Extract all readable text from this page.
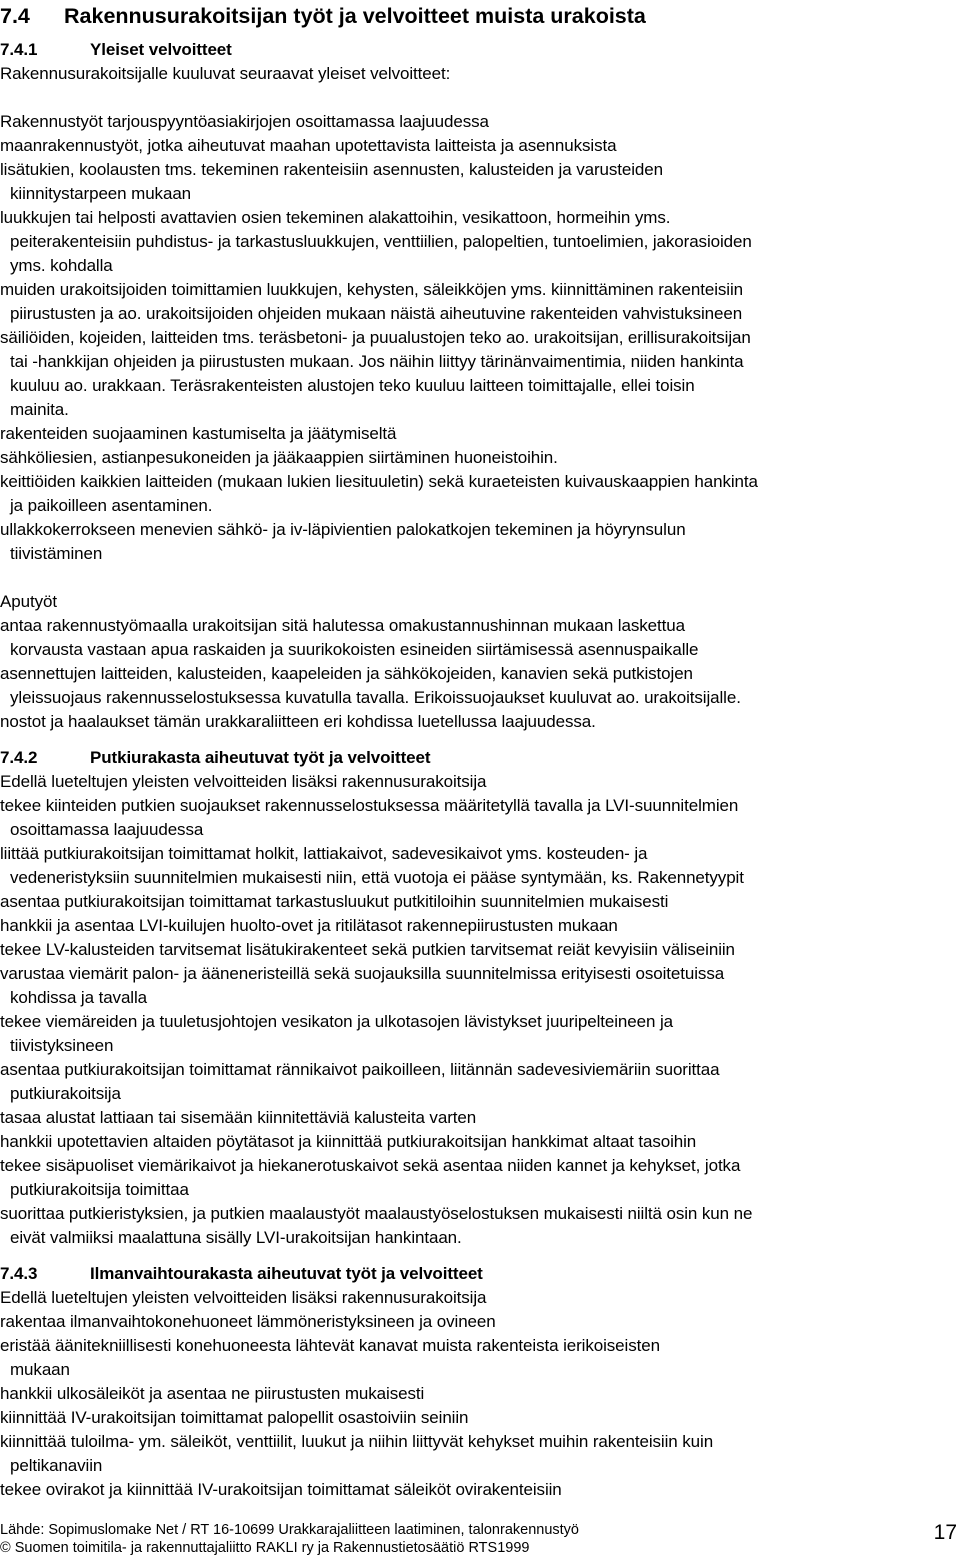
7.4 Rakennusurakoitsijan työt ja velvoitteet muista urakoista
7.4.1	Yleiset velvoitteet
Rakennusurakoitsijalle kuuluvat seuraavat yleiset velvoitteet:
Rakennustyöt tarjouspyyntöasiakirjojen osoittamassa laajuudessa
maanrakennustyöt, jotka aiheutuvat maahan upotettavista laitteista ja asennuksista
lisätukien, koolausten tms. tekeminen rakenteisiin asennusten, kalusteiden ja varusteiden
kiinnitystarpeen mukaan
luukkujen tai helposti avattavien osien tekeminen alakattoihin, vesikattoon, hormeihin yms.
peiterakenteisiin puhdistus- ja tarkastusluukkujen, venttiilien, palopeltien, tuntoelimien, jakorasioiden
yms. kohdalla
muiden urakoitsijoiden toimittamien luukkujen, kehysten, säleikköjen yms. kiinnittäminen rakenteisiin
piirustusten ja ao. urakoitsijoiden ohjeiden mukaan näistä aiheutuvine rakenteiden vahvistuksineen
säiliöiden, kojeiden, laitteiden tms. teräsbetoni- ja puualustojen teko ao. urakoitsijan, erillisurakoitsijan
tai -hankkijan ohjeiden ja piirustusten mukaan. Jos näihin liittyy tärinänvaimentimia, niiden hankinta
kuuluu ao. urakkaan. Teräsrakenteisten alustojen teko kuuluu laitteen toimittajalle, ellei toisin
mainita.
rakenteiden suojaaminen kastumiselta ja jäätymiseltä
sähköliesien, astianpesukoneiden ja jääkaappien siirtäminen huoneistoihin.
keittiöiden kaikkien laitteiden (mukaan lukien liesituuletin) sekä kuraeteisten kuivauskaappien hankinta
ja paikoilleen asentaminen.
ullakkokerrokseen menevien sähkö- ja iv-läpivientien palokatkojen tekeminen ja höyrynsulun
tiivistäminen
Aputyöt
antaa rakennustyömaalla urakoitsijan sitä halutessa omakustannushinnan mukaan laskettua
korvausta vastaan apua raskaiden ja suurikokoisten esineiden siirtämisessä asennuspaikalle
asennettujen laitteiden, kalusteiden, kaapeleiden ja sähkökojeiden, kanavien sekä putkistojen
yleissuojaus rakennusselostuksessa kuvatulla tavalla. Erikoissuojaukset kuuluvat ao. urakoitsijalle.
nostot ja haalaukset tämän urakkaraliitteen eri kohdissa luetellussa laajuudessa.
7.4.2	Putkiurakasta aiheutuvat työt ja velvoitteet
Edellä lueteltujen yleisten velvoitteiden lisäksi rakennusurakoitsija
tekee kiinteiden putkien suojaukset rakennusselostuksessa määritetyllä tavalla ja LVI-suunnitelmien
osoittamassa laajuudessa
liittää putkiurakoitsijan toimittamat holkit, lattiakaivot, sadevesikaivot yms. kosteuden- ja
vedeneristyksiin suunnitelmien mukaisesti niin, että vuotoja ei pääse syntymään, ks. Rakennetyypit
asentaa putkiurakoitsijan toimittamat tarkastusluukut putkitiloihin suunnitelmien mukaisesti
hankkii ja asentaa LVI-kuilujen huolto-ovet ja ritilätasot rakennepiirustusten mukaan
tekee LV-kalusteiden tarvitsemat lisätukirakenteet sekä putkien tarvitsemat reiät kevyisiin väliseiniin
varustaa viemärit palon- ja ääneneristeillä sekä suojauksilla suunnitelmissa erityisesti osoitetuissa
kohdissa ja tavalla
tekee viemäreiden ja tuuletusjohtojen vesikaton ja ulkotasojen lävistykset juuripelteineen ja
tiivistyksineen
asentaa putkiurakoitsijan toimittamat rännikaivot paikoilleen, liitännän sadevesiviemäriin suorittaa
putkiurakoitsija
tasaa alustat lattiaan tai sisemään kiinnitettäviä kalusteita varten
hankkii upotettavien altaiden pöytätasot ja kiinnittää putkiurakoitsijan hankkimat altaat tasoihin
tekee sisäpuoliset viemärikaivot ja hiekanerotuskaivot sekä asentaa niiden kannet ja kehykset, jotka
putkiurakoitsija toimittaa
suorittaa putkieristyksien, ja putkien maalaustyöt maalaustyöselostuksen mukaisesti niiltä osin kun ne
eivät valmiiksi maalattuna sisälly LVI-urakoitsijan hankintaan.
7.4.3	Ilmanvaihtourakasta aiheutuvat työt ja velvoitteet
Edellä lueteltujen yleisten velvoitteiden lisäksi rakennusurakoitsija
rakentaa ilmanvaihtokonehuoneet lämmöneristyksineen ja ovineen
eristää äänitekniillisesti konehuoneesta lähtevät kanavat muista rakenteista ierikoiseisten
mukaan
hankkii ulkosäleiköt ja asentaa ne piirustusten mukaisesti
kiinnittää IV-urakoitsijan toimittamat palopellit osastoiviin seiniin
kiinnittää tuloilma- ym. säleiköt, venttiilit, luukut ja niihin liittyvät kehykset muihin rakenteisiin kuin
peltikanaviin
tekee ovirakot ja kiinnittää IV-urakoitsijan toimittamat säleiköt ovirakenteisiin
Lähde: Sopimuslomake Net / RT 16-10699 Urakkarajaliitteen laatiminen, talonrakennustyö
© Suomen toimitila- ja rakennuttajaliitto RAKLI ry ja Rakennustietosäätiö RTS1999
17
